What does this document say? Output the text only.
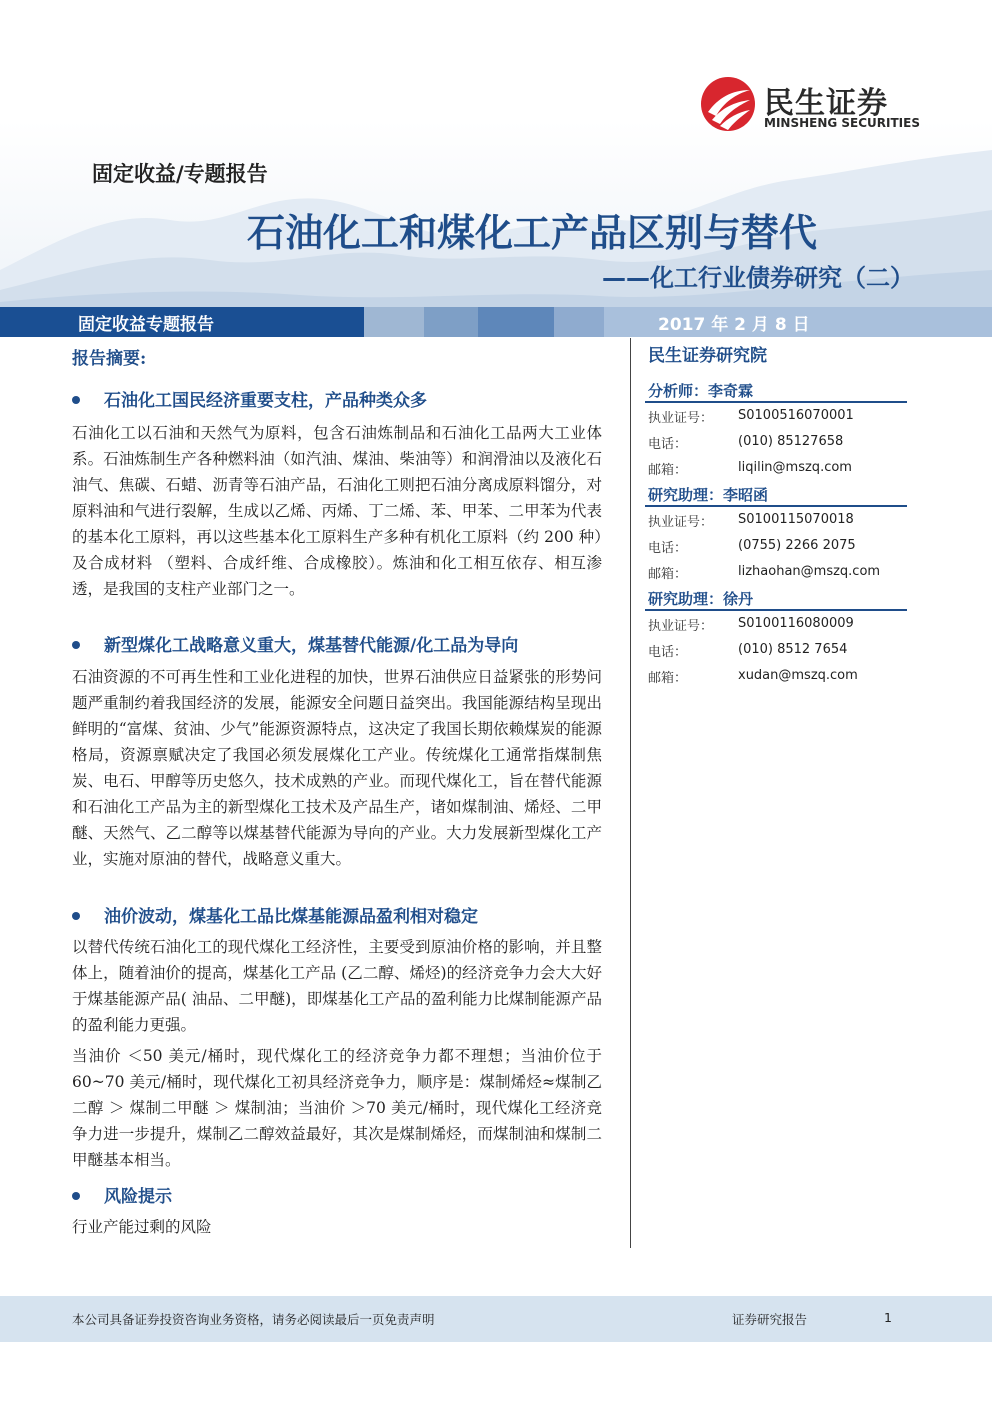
民生证券
MINSHENG SECURITIES
固定收益/专题报告
石油化工和煤化工产品区别与替代
——化工行业债券研究（二）
固定收益专题报告	2017 年 2 月 8 日
报告摘要:
石油化工国民经济重要支柱，产品种类众多
石油化工以石油和天然气为原料，包含石油炼制品和石油化工品两大工业体系。石油炼制生产各种燃料油（如汽油、煤油、柴油等）和润滑油以及液化石油气、焦碳、石蜡、沥青等石油产品，石油化工则把石油分离成原料馏分，对原料油和气进行裂解，生成以乙烯、丙烯、丁二烯、苯、甲苯、二甲苯为代表的基本化工原料，再以这些基本化工原料生产多种有机化工原料（约 200 种）及合成材料 （塑料、合成纤维、合成橡胶）。炼油和化工相互依存、相互渗透，是我国的支柱产业部门之一。
新型煤化工战略意义重大，煤基替代能源/化工品为导向
石油资源的不可再生性和工业化进程的加快，世界石油供应日益紧张的形势问题严重制约着我国经济的发展，能源安全问题日益突出。我国能源结构呈现出鲜明的“富煤、贫油、少气”能源资源特点，这决定了我国长期依赖煤炭的能源格局，资源禀赋决定了我国必须发展煤化工产业。传统煤化工通常指煤制焦炭、电石、甲醇等历史悠久，技术成熟的产业。而现代煤化工，旨在替代能源和石油化工产品为主的新型煤化工技术及产品生产，诸如煤制油、烯烃、二甲醚、天然气、乙二醇等以煤基替代能源为导向的产业。大力发展新型煤化工产业，实施对原油的替代，战略意义重大。
油价波动，煤基化工品比煤基能源品盈利相对稳定
以替代传统石油化工的现代煤化工经济性，主要受到原油价格的影响，并且整体上，随着油价的提高，煤基化工产品 (乙二醇、烯烃)的经济竞争力会大大好于煤基能源产品( 油品、二甲醚)，即煤基化工产品的盈利能力比煤制能源产品的盈利能力更强。
当油价 ＜50 美元/桶时，现代煤化工的经济竞争力都不理想；当油价位于 60~70 美元/桶时，现代煤化工初具经济竞争力，顺序是：煤制烯烃≈煤制乙二醇 ＞ 煤制二甲醚 ＞ 煤制油；当油价 ＞70 美元/桶时，现代煤化工经济竞争力进一步提升，煤制乙二醇效益最好，其次是煤制烯烃，而煤制油和煤制二甲醚基本相当。
风险提示
行业产能过剩的风险
民生证券研究院
分析师：李奇霖
执业证号： S0100516070001
电话：	(010) 85127658
邮箱：	liqilin@mszq.com
研究助理：李昭函
执业证号： S0100115070018
电话：	(0755) 2266 2075
邮箱：	lizhaohan@mszq.com
研究助理：徐丹
执业证号： S0100116080009
电话：	(010) 8512 7654
邮箱：	xudan@mszq.com
本公司具备证券投资咨询业务资格，请务必阅读最后一页免责声明	证券研究报告	1
